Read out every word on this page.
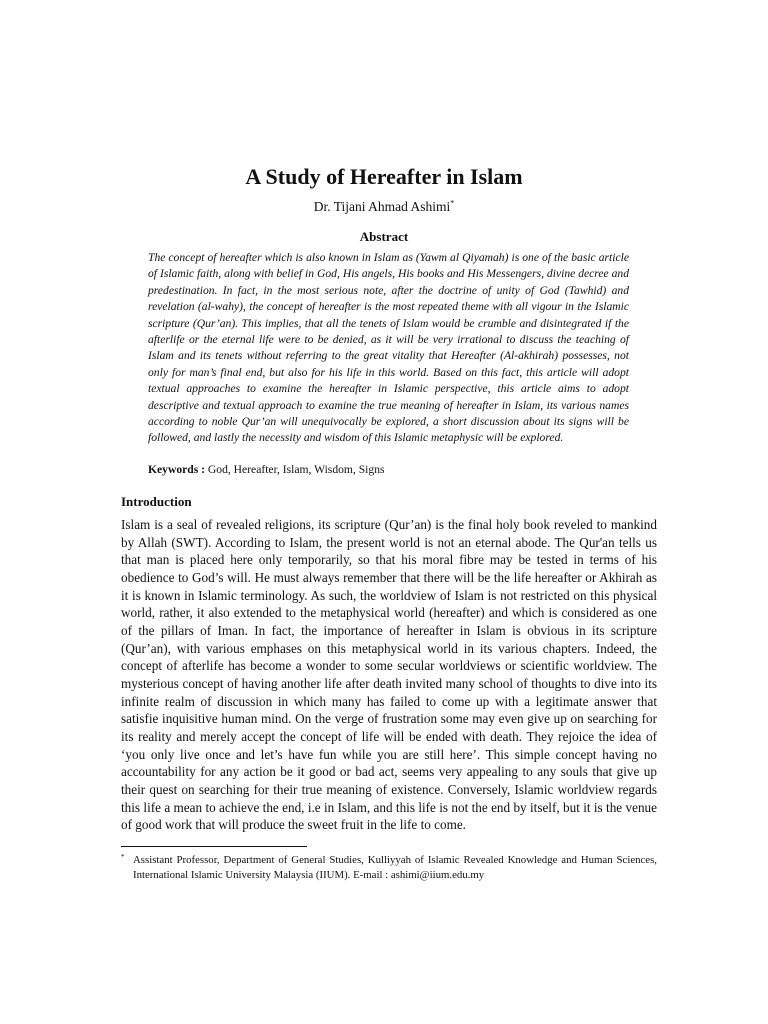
A Study of Hereafter in Islam
Dr. Tijani Ahmad Ashimi*
Abstract
The concept of hereafter which is also known in Islam as (Yawm al Qiyamah) is one of the basic article of Islamic faith, along with belief in God, His angels, His books and His Messengers, divine decree and predestination. In fact, in the most serious note, after the doctrine of unity of God (Tawhid) and revelation (al-wahy), the concept of hereafter is the most repeated theme with all vigour in the Islamic scripture (Qur’an). This implies, that all the tenets of Islam would be crumble and disintegrated if the afterlife or the eternal life were to be denied, as it will be very irrational to discuss the teaching of Islam and its tenets without referring to the great vitality that Hereafter (Al-akhirah) possesses, not only for man’s final end, but also for his life in this world. Based on this fact, this article will adopt textual approaches to examine the hereafter in Islamic perspective, this article aims to adopt descriptive and textual approach to examine the true meaning of hereafter in Islam, its various names according to noble Qur’an will unequivocally be explored, a short discussion about its signs will be followed, and lastly the necessity and wisdom of this Islamic metaphysic will be explored.
Keywords : God, Hereafter, Islam, Wisdom, Signs
Introduction
Islam is a seal of revealed religions, its scripture (Qur’an) is the final holy book reveled to mankind by Allah (SWT). According to Islam, the present world is not an eternal abode. The Qur'an tells us that man is placed here only temporarily, so that his moral fibre may be tested in terms of his obedience to God’s will. He must always remember that there will be the life hereafter or Akhirah as it is known in Islamic terminology. As such, the worldview of Islam is not restricted on this physical world, rather, it also extended to the metaphysical world (hereafter) and which is considered as one of the pillars of Iman. In fact, the importance of hereafter in Islam is obvious in its scripture (Qur’an), with various emphases on this metaphysical world in its various chapters. Indeed, the concept of afterlife has become a wonder to some secular worldviews or scientific worldview. The mysterious concept of having another life after death invited many school of thoughts to dive into its infinite realm of discussion in which many has failed to come up with a legitimate answer that satisfie inquisitive human mind. On the verge of frustration some may even give up on searching for its reality and merely accept the concept of life will be ended with death. They rejoice the idea of ‘you only live once and let’s have fun while you are still here’. This simple concept having no accountability for any action be it good or bad act, seems very appealing to any souls that give up their quest on searching for their true meaning of existence. Conversely, Islamic worldview regards this life a mean to achieve the end, i.e in Islam, and this life is not the end by itself, but it is the venue of good work that will produce the sweet fruit in the life to come.
* Assistant Professor, Department of General Studies, Kulliyyah of Islamic Revealed Knowledge and Human Sciences, International Islamic University Malaysia (IIUM). E-mail : ashimi@iium.edu.my
